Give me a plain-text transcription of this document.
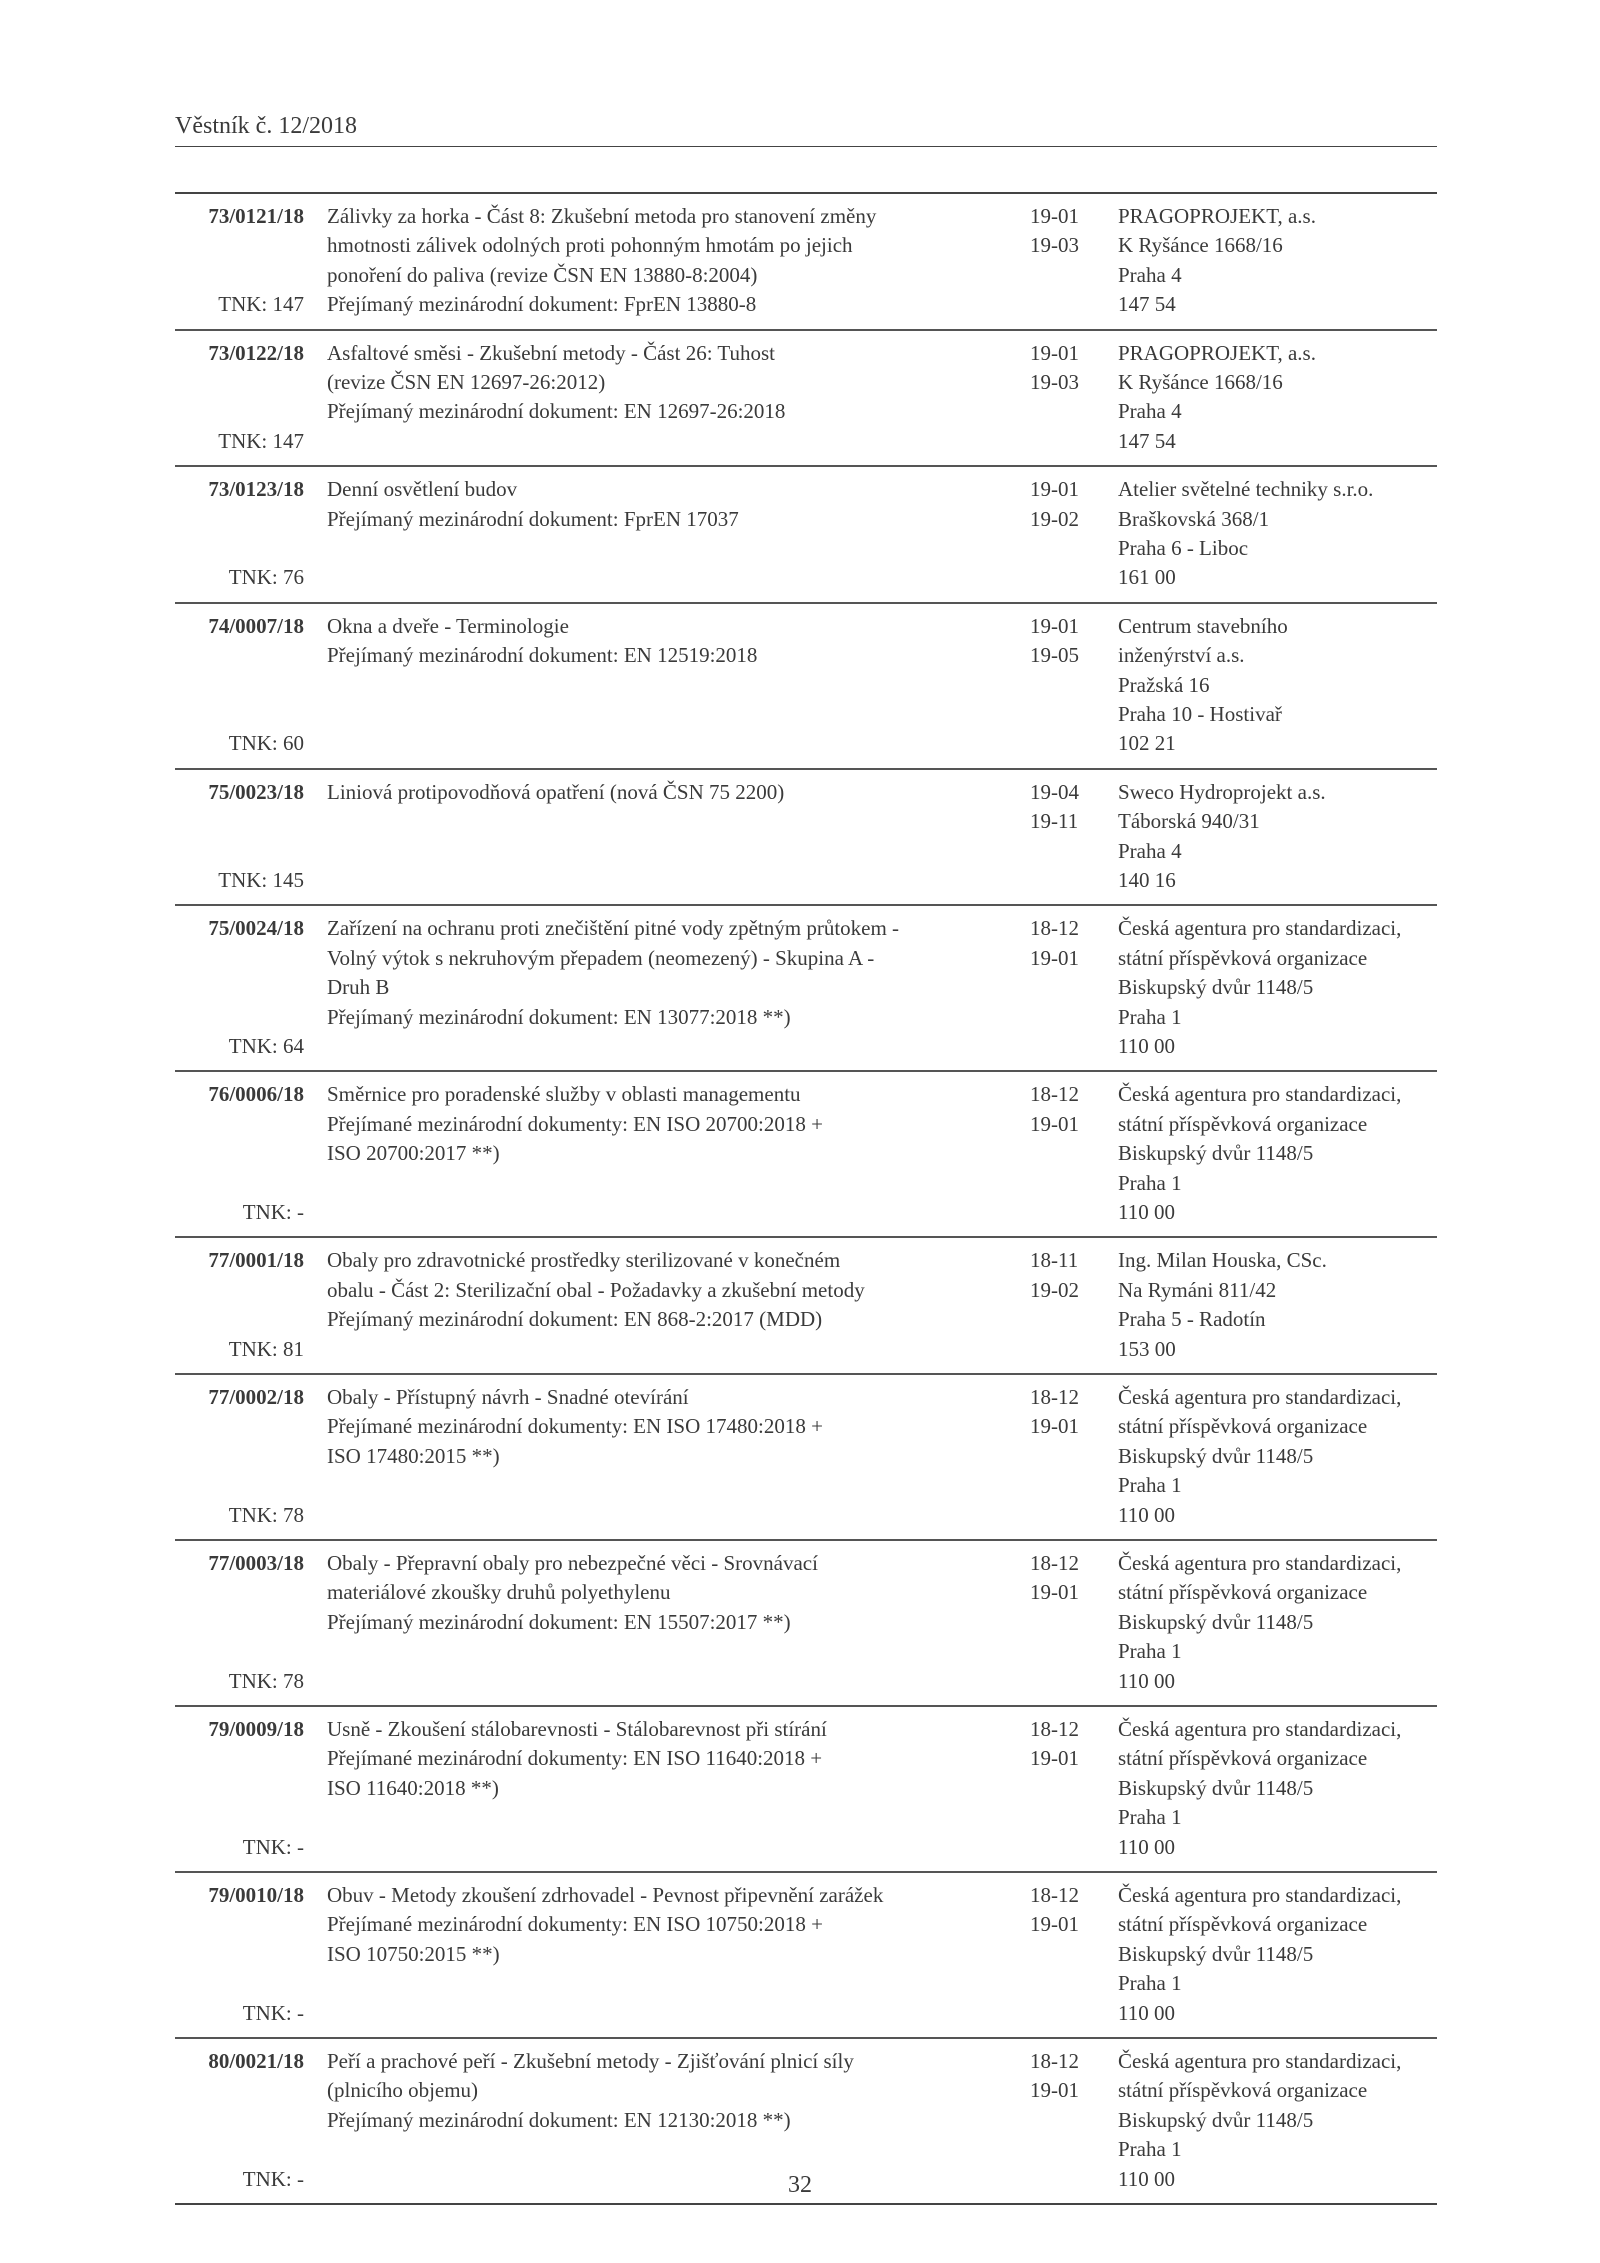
Věstník č. 12/2018
73/0121/18
TNK: 147
Zálivky za horka - Část 8: Zkušební metoda pro stanovení změny
hmotnosti zálivek odolných proti pohonným hmotám po jejich
ponoření do paliva (revize ČSN EN 13880-8:2004)
Přejímaný mezinárodní dokument: FprEN 13880-8
19-01
19-03
PRAGOPROJEKT, a.s.
K Ryšánce 1668/16
Praha 4
147 54
73/0122/18
TNK: 147
Asfaltové směsi - Zkušební metody - Část 26: Tuhost
(revize ČSN EN 12697-26:2012)
Přejímaný mezinárodní dokument: EN 12697-26:2018
19-01
19-03
PRAGOPROJEKT, a.s.
K Ryšánce 1668/16
Praha 4
147 54
73/0123/18
TNK: 76
Denní osvětlení budov
Přejímaný mezinárodní dokument: FprEN 17037
19-01
19-02
Atelier světelné techniky s.r.o.
Braškovská 368/1
Praha 6 - Liboc
161 00
74/0007/18
TNK: 60
Okna a dveře - Terminologie
Přejímaný mezinárodní dokument: EN 12519:2018
19-01
19-05
Centrum stavebního
inženýrství a.s.
Pražská 16
Praha 10 - Hostivař
102 21
75/0023/18
TNK: 145
Liniová protipovodňová opatření (nová ČSN 75 2200)	19-04
19-11
Sweco Hydroprojekt a.s.
Táborská 940/31
Praha 4
140 16
75/0024/18
TNK: 64
Zařízení na ochranu proti znečištění pitné vody zpětným průtokem -
Volný výtok s nekruhovým přepadem (neomezený) - Skupina A -
Druh B
Přejímaný mezinárodní dokument: EN 13077:2018 **)
18-12
19-01
Česká agentura pro standardizaci,
státní příspěvková organizace
Biskupský dvůr 1148/5
Praha 1
110 00
76/0006/18
TNK: -
Směrnice pro poradenské služby v oblasti managementu
Přejímané mezinárodní dokumenty: EN ISO 20700:2018 +
ISO 20700:2017 **)
18-12
19-01
Česká agentura pro standardizaci,
státní příspěvková organizace
Biskupský dvůr 1148/5
Praha 1
110 00
77/0001/18
TNK: 81
Obaly pro zdravotnické prostředky sterilizované v konečném
obalu - Část 2: Sterilizační obal - Požadavky a zkušební metody
Přejímaný mezinárodní dokument: EN 868-2:2017 (MDD)
18-11
19-02
Ing. Milan Houska, CSc.
Na Rymáni 811/42
Praha 5 - Radotín
153 00
77/0002/18
TNK: 78
Obaly - Přístupný návrh - Snadné otevírání
Přejímané mezinárodní dokumenty: EN ISO 17480:2018 +
ISO 17480:2015 **)
18-12
19-01
Česká agentura pro standardizaci,
státní příspěvková organizace
Biskupský dvůr 1148/5
Praha 1
110 00
77/0003/18
TNK: 78
Obaly - Přepravní obaly pro nebezpečné věci - Srovnávací
materiálové zkoušky druhů polyethylenu
Přejímaný mezinárodní dokument: EN 15507:2017 **)
18-12
19-01
Česká agentura pro standardizaci,
státní příspěvková organizace
Biskupský dvůr 1148/5
Praha 1
110 00
79/0009/18
TNK: -
Usně - Zkoušení stálobarevnosti - Stálobarevnost při stírání
Přejímané mezinárodní dokumenty: EN ISO 11640:2018 +
ISO 11640:2018 **)
18-12
19-01
Česká agentura pro standardizaci,
státní příspěvková organizace
Biskupský dvůr 1148/5
Praha 1
110 00
79/0010/18
TNK: -
Obuv - Metody zkoušení zdrhovadel - Pevnost připevnění zarážek
Přejímané mezinárodní dokumenty: EN ISO 10750:2018 +
ISO 10750:2015 **)
18-12
19-01
Česká agentura pro standardizaci,
státní příspěvková organizace
Biskupský dvůr 1148/5
Praha 1
110 00
80/0021/18
TNK: -
Peří a prachové peří - Zkušební metody - Zjišťování plnicí síly
(plnicího objemu)
Přejímaný mezinárodní dokument: EN 12130:2018 **)
18-12
19-01
Česká agentura pro standardizaci,
státní příspěvková organizace
Biskupský dvůr 1148/5
Praha 1
110 00
32
